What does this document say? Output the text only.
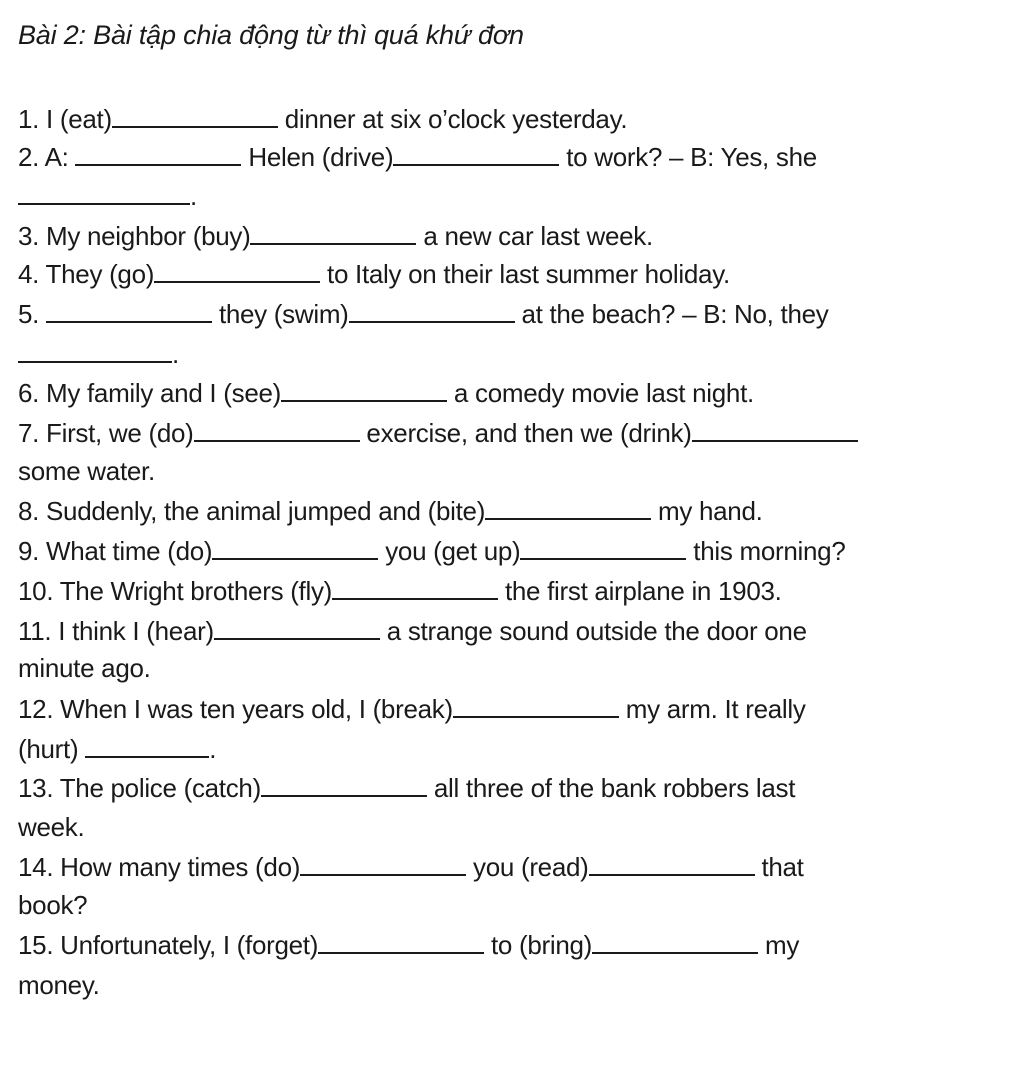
Bài 2: Bài tập chia động từ thì quá khứ đơn
1. I (eat)	dinner at six o’clock yesterday.
2. A:	Helen (drive)	to work? – B: Yes, she
.
3. My neighbor (buy)	a new car last week.
4. They (go)	to Italy on their last summer holiday.
5.	they (swim)	at the beach? – B: No, they
.
6. My family and I (see)	a comedy movie last night.
7. First, we (do)	exercise, and then we (drink)
some water.
8. Suddenly, the animal jumped and (bite)	my hand.
9. What time (do)	you (get up)	this morning?
10. The Wright brothers (fly)	the first airplane in 1903.
11. I think I (hear)	a strange sound outside the door one
minute ago.
12. When I was ten years old, I (break)	my arm. It really
(hurt)	.
13. The police (catch)	all three of the bank robbers last
week.
14. How many times (do)	you (read)	that
book?
15. Unfortunately, I (forget)	to (bring)	my
money.
